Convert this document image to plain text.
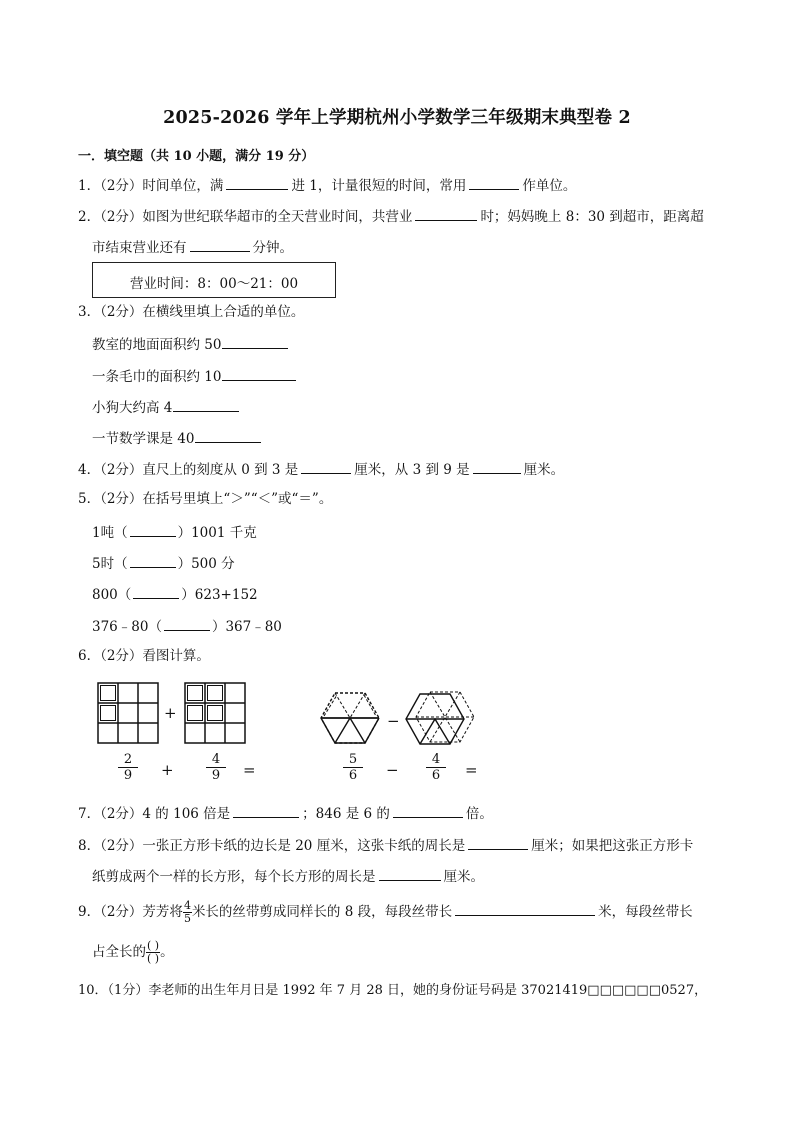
2025-2026 学年上学期杭州小学数学三年级期末典型卷 2
一．填空题（共 10 小题，满分 19 分）
1．（2分）时间单位，满	进 1，计量很短的时间，常用	作单位。
2．（2分）如图为世纪联华超市的全天营业时间，共营业	时；妈妈晚上 8：30 到超市，距离超
市结束营业还有	分钟。
营业时间：8：00～21：00
3．（2分）在横线里填上合适的单位。
教室的地面面积约 50
一条毛巾的面积约 10
小狗大约高 4
一节数学课是 40
4．（2分）直尺上的刻度从 0 到 3 是	厘米，从 3 到 9 是	厘米。
5．（2分）在括号里填上“＞”“＜”或“＝”。
1吨（	）1001 千克
5时（	）500 分
800（	）623+152
376﹣80（	）367﹣80
6．（2分）看图计算。
+	−
$\frac{2}{9} + \frac{4}{9}$ =	$\frac{5}{6} - \frac{4}{6}$ =
7．（2分）4 的 106 倍是	；846 是 6 的	倍。
8．（2分）一张正方形卡纸的边长是 20 厘米，这张卡纸的周长是	厘米；如果把这张正方形卡
纸剪成两个一样的长方形，每个长方形的周长是	厘米。
9．（2分）芳芳将 $\frac{4}{5}$ 米长的丝带剪成同样长的 8 段，每段丝带长	米，每段丝带长
占全长的 $\frac{( )}{( )}$ 。
10．（1分）李老师的出生年月日是 1992 年 7 月 28 日，她的身份证号码是 37021419□□□□□□0527，
